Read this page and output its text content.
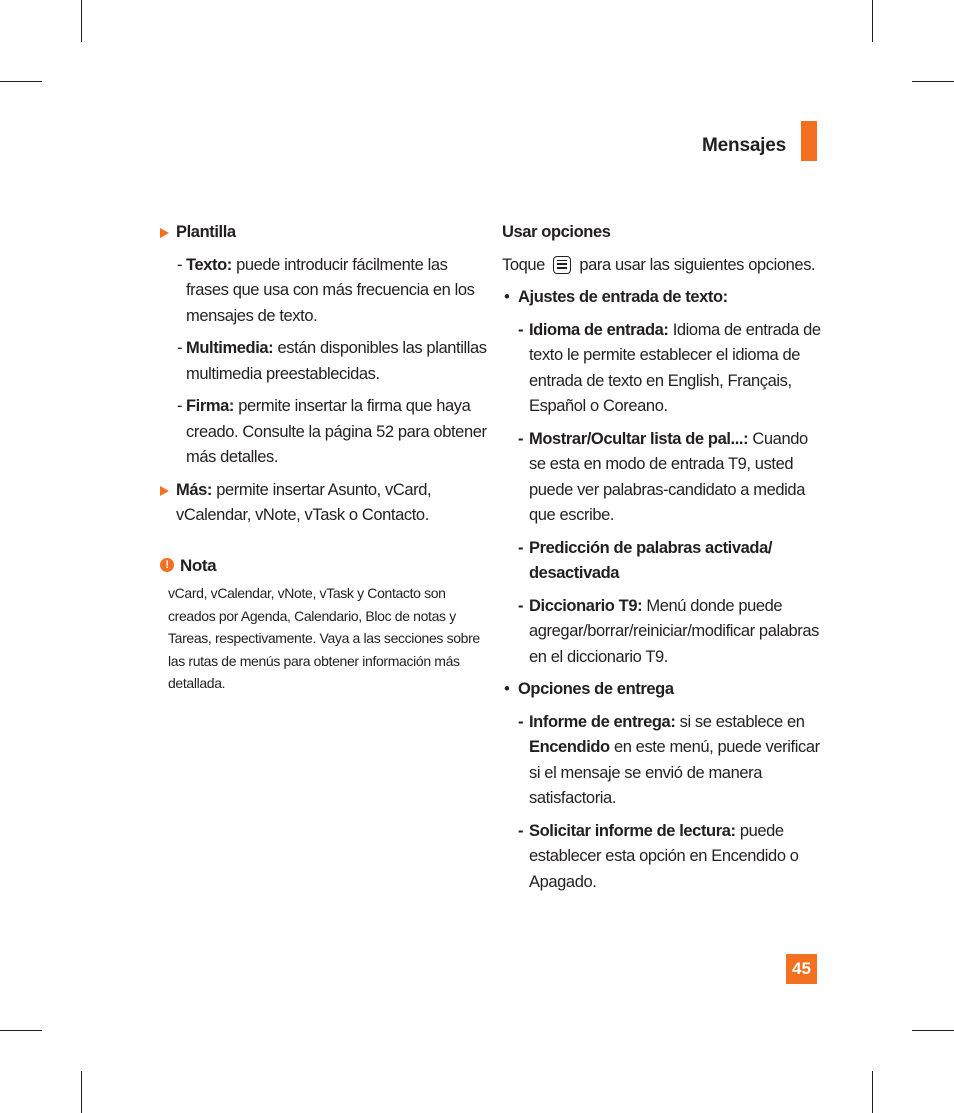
Mensajes
Plantilla
- Texto: puede introducir fácilmente las frases que usa con más frecuencia en los mensajes de texto.
- Multimedia: están disponibles las plantillas multimedia preestablecidas.
- Firma: permite insertar la firma que haya creado. Consulte la página 52 para obtener más detalles.
Más: permite insertar Asunto, vCard, vCalendar, vNote, vTask o Contacto.
! Nota
vCard, vCalendar, vNote, vTask y Contacto son creados por Agenda, Calendario, Bloc de notas y Tareas, respectivamente. Vaya a las secciones sobre las rutas de menús para obtener información más detallada.
Usar opciones
Toque para usar las siguientes opciones.
• Ajustes de entrada de texto:
- Idioma de entrada: Idioma de entrada de texto le permite establecer el idioma de entrada de texto en English, Français, Español o Coreano.
- Mostrar/Ocultar lista de pal...: Cuando se esta en modo de entrada T9, usted puede ver palabras-candidato a medida que escribe.
- Predicción de palabras activada/ desactivada
- Diccionario T9: Menú donde puede agregar/borrar/reiniciar/modificar palabras en el diccionario T9.
• Opciones de entrega
- Informe de entrega: si se establece en Encendido en este menú, puede verificar si el mensaje se envió de manera satisfactoria.
- Solicitar informe de lectura: puede establecer esta opción en Encendido o Apagado.
45
